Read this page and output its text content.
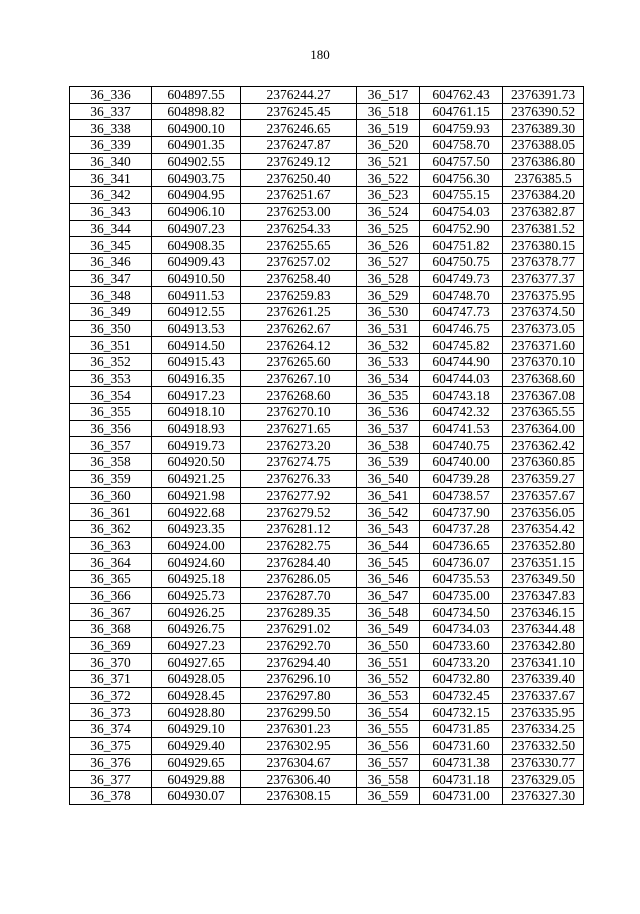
180
36_336	604897.55	2376244.27	36_517	604762.43	2376391.73
36_337	604898.82	2376245.45	36_518	604761.15	2376390.52
36_338	604900.10	2376246.65	36_519	604759.93	2376389.30
36_339	604901.35	2376247.87	36_520	604758.70	2376388.05
36_340	604902.55	2376249.12	36_521	604757.50	2376386.80
36_341	604903.75	2376250.40	36_522	604756.30	2376385.5
36_342	604904.95	2376251.67	36_523	604755.15	2376384.20
36_343	604906.10	2376253.00	36_524	604754.03	2376382.87
36_344	604907.23	2376254.33	36_525	604752.90	2376381.52
36_345	604908.35	2376255.65	36_526	604751.82	2376380.15
36_346	604909.43	2376257.02	36_527	604750.75	2376378.77
36_347	604910.50	2376258.40	36_528	604749.73	2376377.37
36_348	604911.53	2376259.83	36_529	604748.70	2376375.95
36_349	604912.55	2376261.25	36_530	604747.73	2376374.50
36_350	604913.53	2376262.67	36_531	604746.75	2376373.05
36_351	604914.50	2376264.12	36_532	604745.82	2376371.60
36_352	604915.43	2376265.60	36_533	604744.90	2376370.10
36_353	604916.35	2376267.10	36_534	604744.03	2376368.60
36_354	604917.23	2376268.60	36_535	604743.18	2376367.08
36_355	604918.10	2376270.10	36_536	604742.32	2376365.55
36_356	604918.93	2376271.65	36_537	604741.53	2376364.00
36_357	604919.73	2376273.20	36_538	604740.75	2376362.42
36_358	604920.50	2376274.75	36_539	604740.00	2376360.85
36_359	604921.25	2376276.33	36_540	604739.28	2376359.27
36_360	604921.98	2376277.92	36_541	604738.57	2376357.67
36_361	604922.68	2376279.52	36_542	604737.90	2376356.05
36_362	604923.35	2376281.12	36_543	604737.28	2376354.42
36_363	604924.00	2376282.75	36_544	604736.65	2376352.80
36_364	604924.60	2376284.40	36_545	604736.07	2376351.15
36_365	604925.18	2376286.05	36_546	604735.53	2376349.50
36_366	604925.73	2376287.70	36_547	604735.00	2376347.83
36_367	604926.25	2376289.35	36_548	604734.50	2376346.15
36_368	604926.75	2376291.02	36_549	604734.03	2376344.48
36_369	604927.23	2376292.70	36_550	604733.60	2376342.80
36_370	604927.65	2376294.40	36_551	604733.20	2376341.10
36_371	604928.05	2376296.10	36_552	604732.80	2376339.40
36_372	604928.45	2376297.80	36_553	604732.45	2376337.67
36_373	604928.80	2376299.50	36_554	604732.15	2376335.95
36_374	604929.10	2376301.23	36_555	604731.85	2376334.25
36_375	604929.40	2376302.95	36_556	604731.60	2376332.50
36_376	604929.65	2376304.67	36_557	604731.38	2376330.77
36_377	604929.88	2376306.40	36_558	604731.18	2376329.05
36_378	604930.07	2376308.15	36_559	604731.00	2376327.30
